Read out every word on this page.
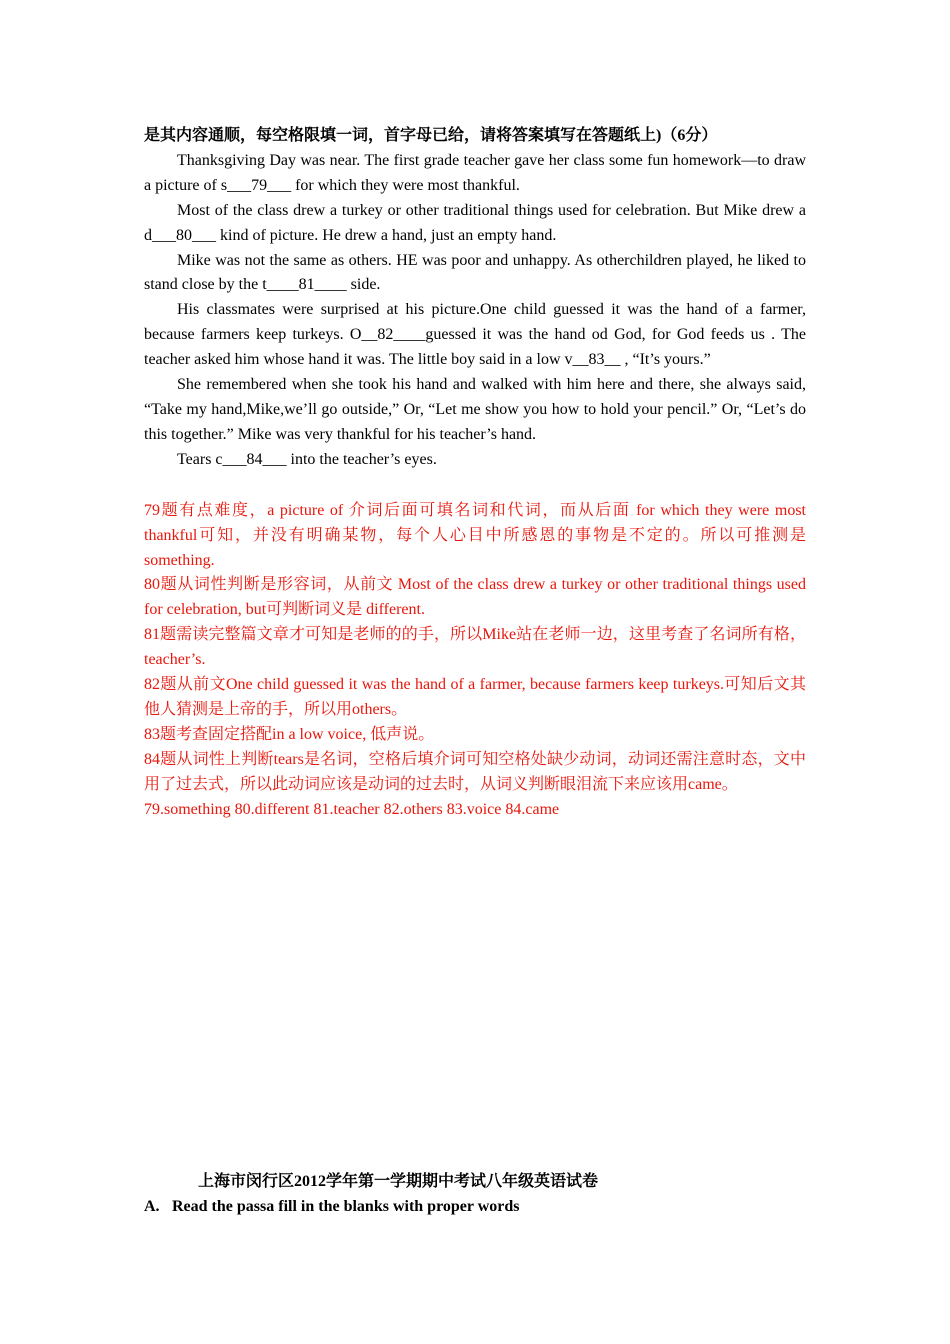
是其内容通顺，每空格限填一词，首字母已给，请将答案填写在答题纸上)（6分）

Thanksgiving Day was near. The first grade teacher gave her class some fun homework—to draw a picture of s___79___ for which they were most thankful.

Most of the class drew a turkey or other traditional things used for celebration. But Mike drew a d___80___ kind of picture. He drew a hand, just an empty hand.

Mike was not the same as others. HE was poor and unhappy. As otherchildren played, he liked to stand close by the t____81____ side.

His classmates were surprised at his picture.One child guessed it was the hand of a farmer, because farmers keep turkeys. O__82____guessed it was the hand od God, for God feeds us . The teacher asked him whose hand it was. The little boy said in a low v__83__ , “It’s yours.”

She remembered when she took his hand and walked with him here and there, she always said, “Take my hand,Mike,we’ll go outside,” Or, “Let me show you how to hold your pencil.” Or, “Let’s do this together.” Mike was very thankful for his teacher’s hand.

Tears c___84___ into the teacher’s eyes.

79题有点难度，a picture of 介词后面可填名词和代词，而从后面 for which they were most thankful可知，并没有明确某物，每个人心目中所感恩的事物是不定的。所以可推测是something.

80题从词性判断是形容词，从前文 Most of the class drew a turkey or other traditional things used for celebration, but可判断词义是 different.

81题需读完整篇文章才可知是老师的的手，所以Mike站在老师一边，这里考查了名词所有格，teacher’s.

82题从前文One child guessed it was the hand of a farmer, because farmers keep turkeys.可知后文其他人猜测是上帝的手，所以用others。

83题考查固定搭配in a low voice, 低声说。

84题从词性上判断tears是名词，空格后填介词可知空格处缺少动词，动词还需注意时态，文中用了过去式，所以此动词应该是动词的过去时，从词义判断眼泪流下来应该用came。

79.something 80.different 81.teacher 82.others 83.voice 84.came

上海市闵行区2012学年第一学期期中考试八年级英语试卷

A. Read the passa fill in the blanks with proper words
